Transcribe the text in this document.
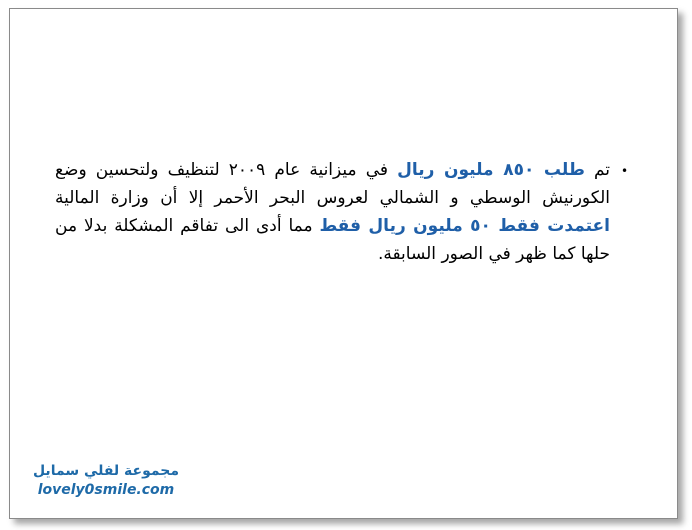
•
تم طلب ٨٥٠ مليون ريال في ميزانية عام ٢٠٠٩ لتنظيف ولتحسين وضع الكورنيش الوسطي و الشمالي لعروس البحر الأحمر إلا أن وزارة المالية اعتمدت فقط ٥٠ مليون ريال فقط مما أدى الى تفاقم المشكلة بدلا من حلها كما ظهر في الصور السابقة.
مجموعة لفلي سمايل
lovely0smile.com
